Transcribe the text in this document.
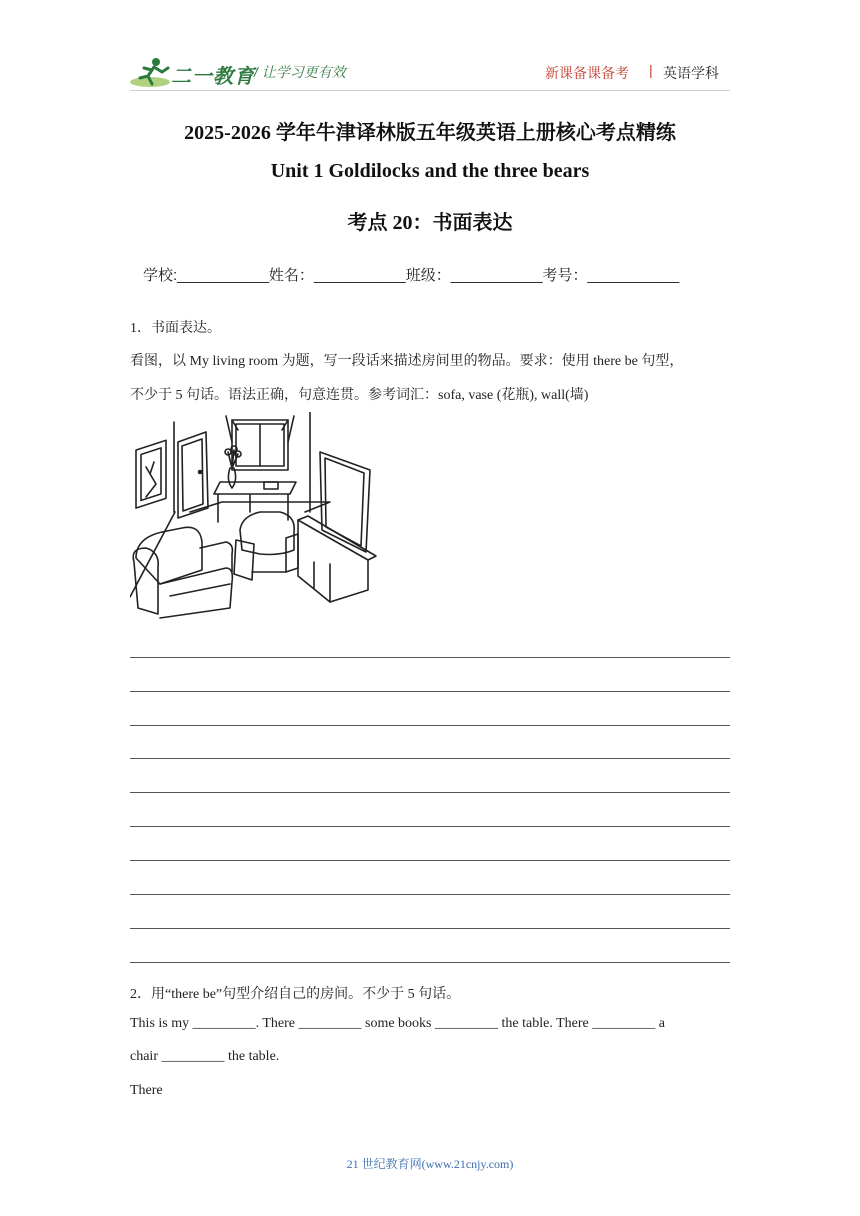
二一教育 / 让学习更有效	新课备课备考 | 英语学科
2025-2026 学年牛津译林版五年级英语上册核心考点精练
Unit 1 Goldilocks and the three bears
考点 20：书面表达
学校:___________姓名：___________班级：___________考号：___________
1．书面表达。
看图，以 My living room 为题，写一段话来描述房间里的物品。要求：使用 there be 句型，
不少于 5 句话。语法正确，句意连贯。参考词汇：sofa, vase (花瓶), wall(墙)
2．用“there be”句型介绍自己的房间。不少于 5 句话。
This is my _________. There _________ some books _________ the table. There _________ a
chair _________ the table.
There
21 世纪教育网(www.21cnjy.com)
